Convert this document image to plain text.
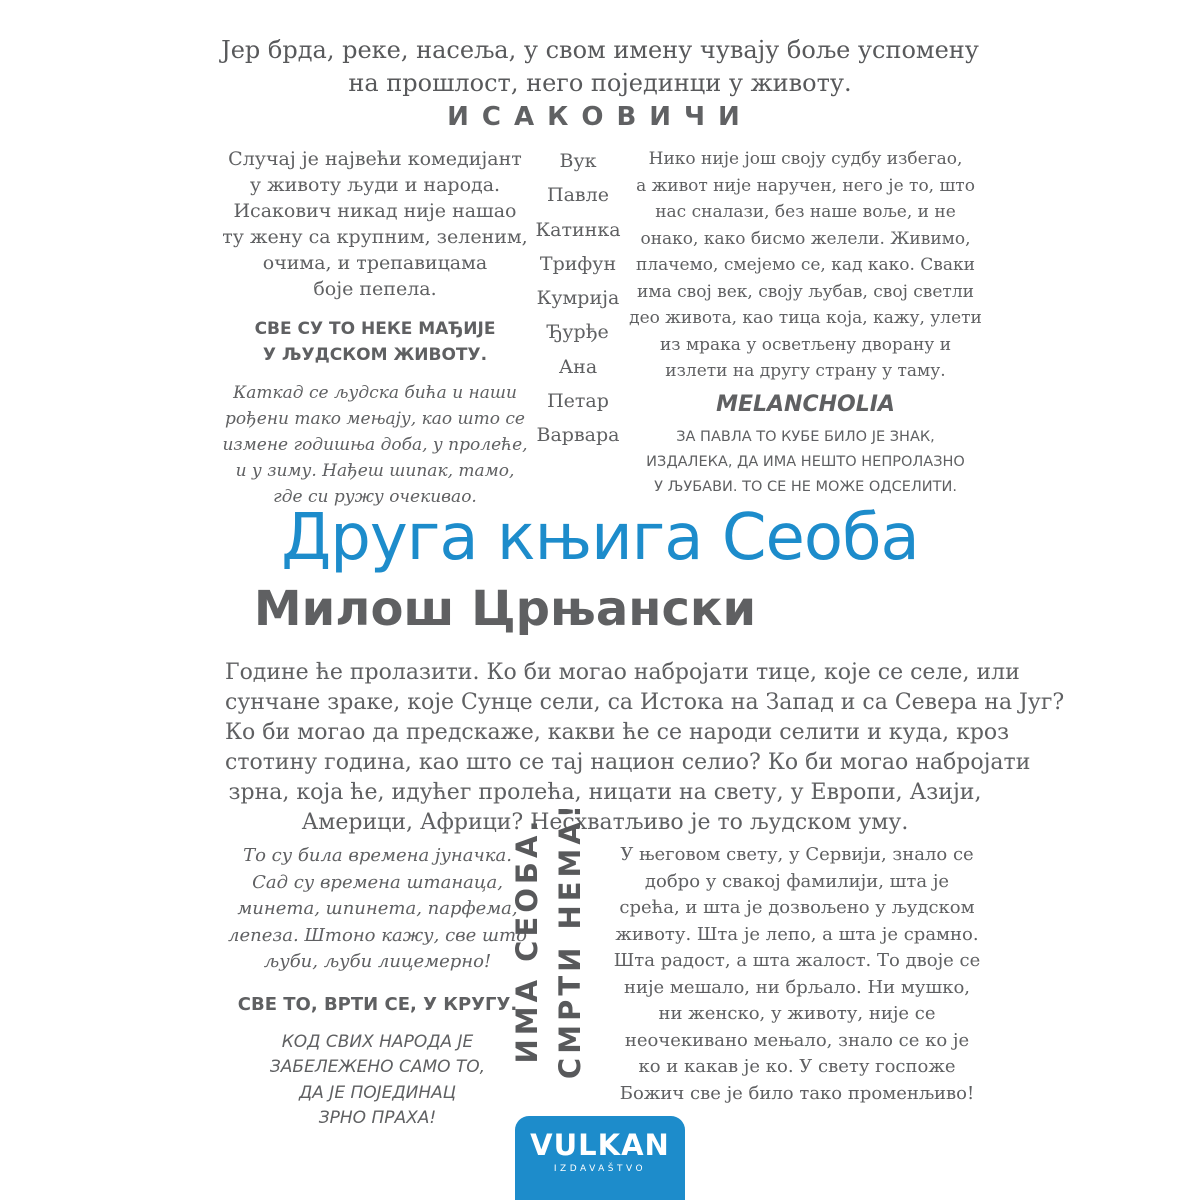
Јер брда, реке, насеља, у свом имену чувају боље успомену
на прошлост, него појединци у животу.
ИСАКОВИЧИ
Случај је највећи комедијант
у животу људи и народа.
Исакович никад није нашао
ту жену са крупним, зеленим,
очима, и трепавицама
боје пепела.
СВЕ СУ ТО НЕКЕ МАЂИЈЕ
У ЉУДСКОМ ЖИВОТУ.
Каткад се људска бића и наши
рођени тако мењају, као што се
измене годишња доба, у пролеће,
и у зиму. Нађеш шипак, тамо,
где си ружу очекивао.
Вук
Павле
Катинка
Трифун
Кумрија
Ђурђе
Ана
Петар
Варвара
Нико није још своју судбу избегао,
а живот није наручен, него је то, што
нас сналази, без наше воље, и не
онако, како бисмо желели. Живимо,
плачемо, смејемо се, кад како. Сваки
има свој век, своју љубав, свој светли
део живота, као тица која, кажу, улети
из мрака у осветљену дворану и
излети на другу страну у таму.
MELANCHOLIA
ЗА ПАВЛА ТО КУБЕ БИЛО ЈЕ ЗНАК,
ИЗДАЛЕКА, ДА ИМА НЕШТО НЕПРОЛАЗНО
У ЉУБАВИ. ТО СЕ НЕ МОЖЕ ОДСЕЛИТИ.
Друга књига Сеоба
Милош Црњански
Године ће пролазити. Ко би могао набројати тице, које се селе, или
сунчане зраке, које Сунце сели, са Истока на Запад и са Севера на Југ?
Ко би могао да предскаже, какви ће се народи селити и куда, кроз
стотину година, као што се тај национ селио? Ко би могао набројати
зрна, која ће, идућег пролећа, ницати на свету, у Европи, Азији,
Америци, Африци? Несхватљиво је то људском уму.
То су била времена јуначка.
Сад су времена штанаца,
минета, шпинета, парфема,
лепеза. Штоно кажу, све што
љуби, љуби лицемерно!
СВЕ ТО, ВРТИ СЕ, У КРУГУ.
КОД СВИХ НАРОДА ЈЕ
ЗАБЕЛЕЖЕНО САМО ТО,
ДА ЈЕ ПОЈЕДИНАЦ
ЗРНО ПРАХА!
ИМА СЕОБА. СМРТИ НЕМА!	У његовом свету, у Сервији, знало се
добро у свакој фамилији, шта је
срећа, и шта је дозвољено у људском
животу. Шта је лепо, а шта је срамно.
Шта радост, а шта жалост. То двоје се
није мешало, ни брљало. Ни мушко,
ни женско, у животу, није се
неочекивано мењало, знало се ко је
ко и какав је ко. У свету госпоже
Божич све је било тако променљиво!
VULKAN
IZDAVAŠTVO
